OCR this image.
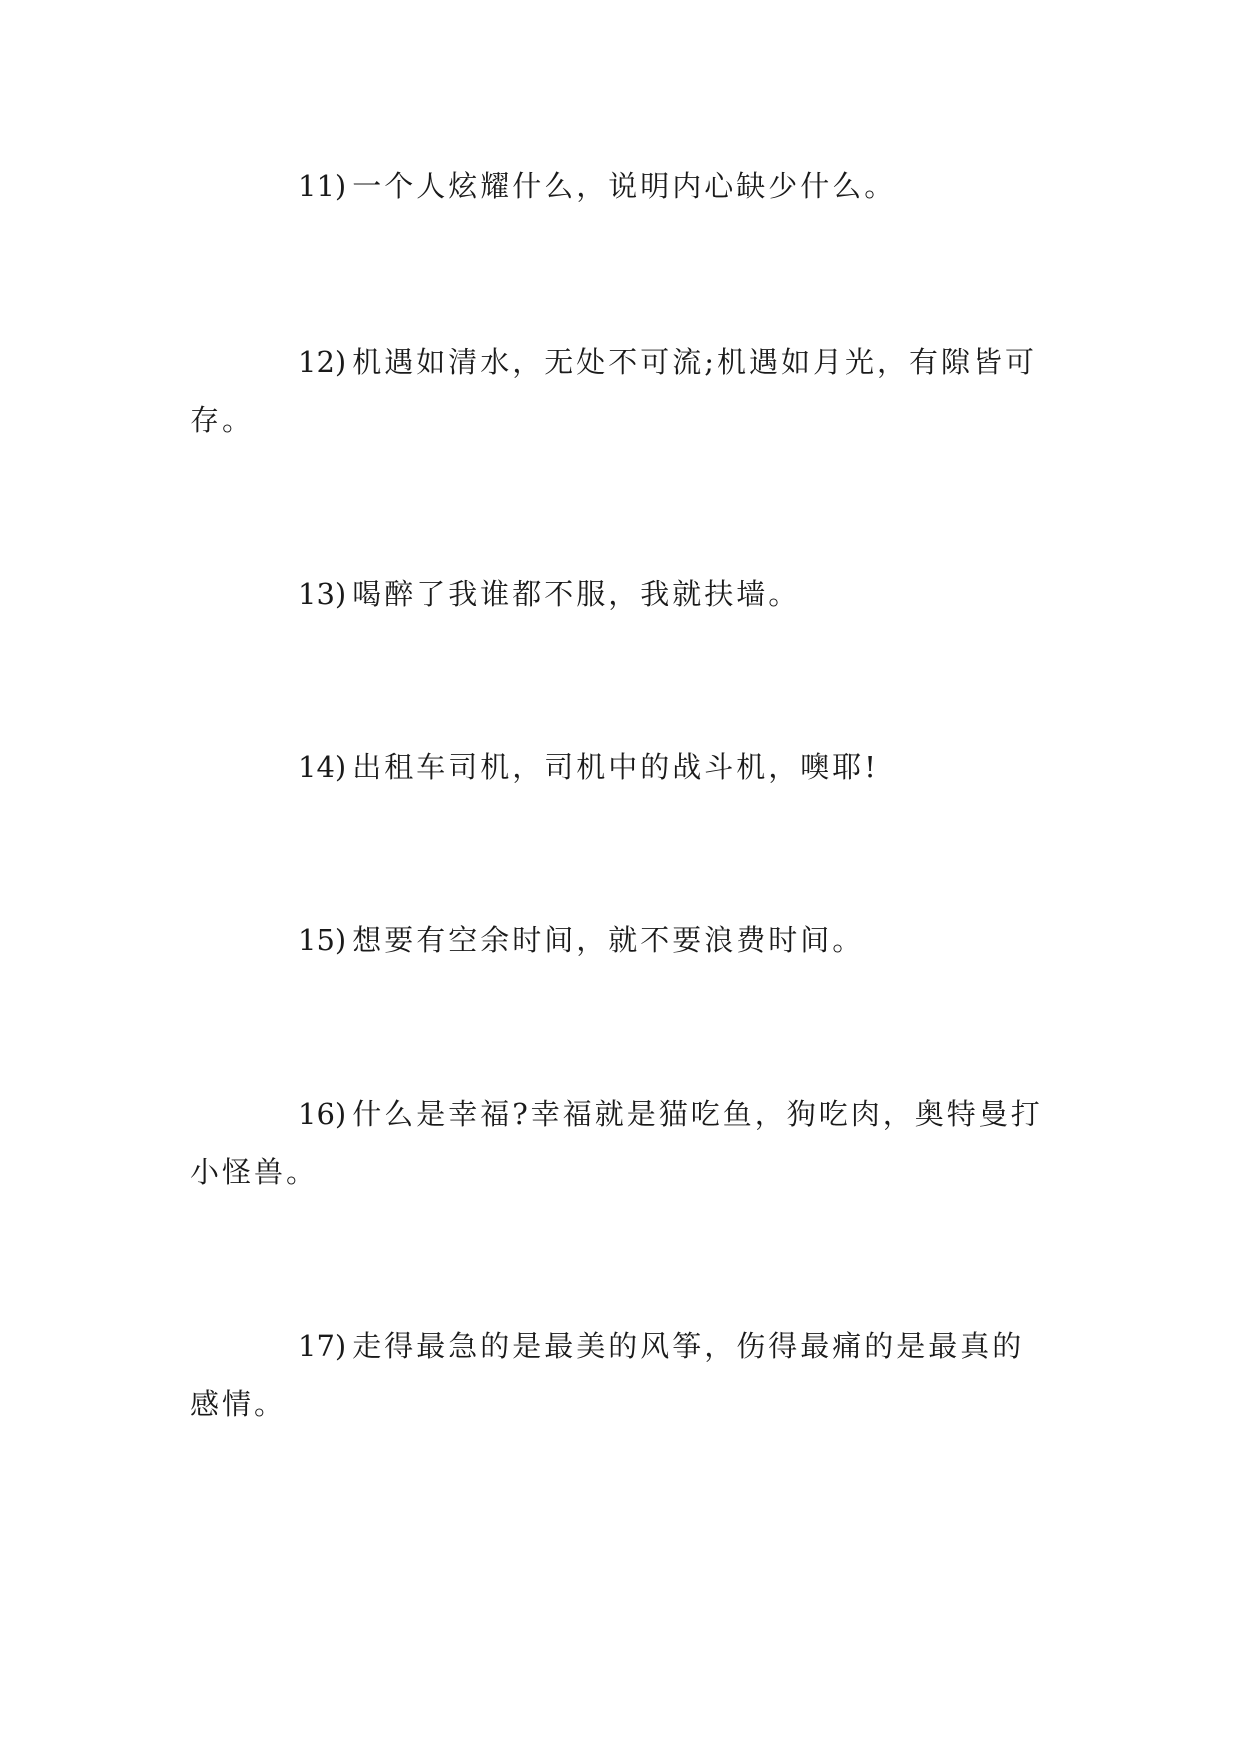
11) 一个人炫耀什么，说明内心缺少什么。

12) 机遇如清水，无处不可流;机遇如月光，有隙皆可存。

13) 喝醉了我谁都不服，我就扶墙。

14) 出租车司机，司机中的战斗机，噢耶!

15) 想要有空余时间，就不要浪费时间。

16) 什么是幸福?幸福就是猫吃鱼，狗吃肉，奥特曼打小怪兽。

17) 走得最急的是最美的风筝，伤得最痛的是最真的感情。
